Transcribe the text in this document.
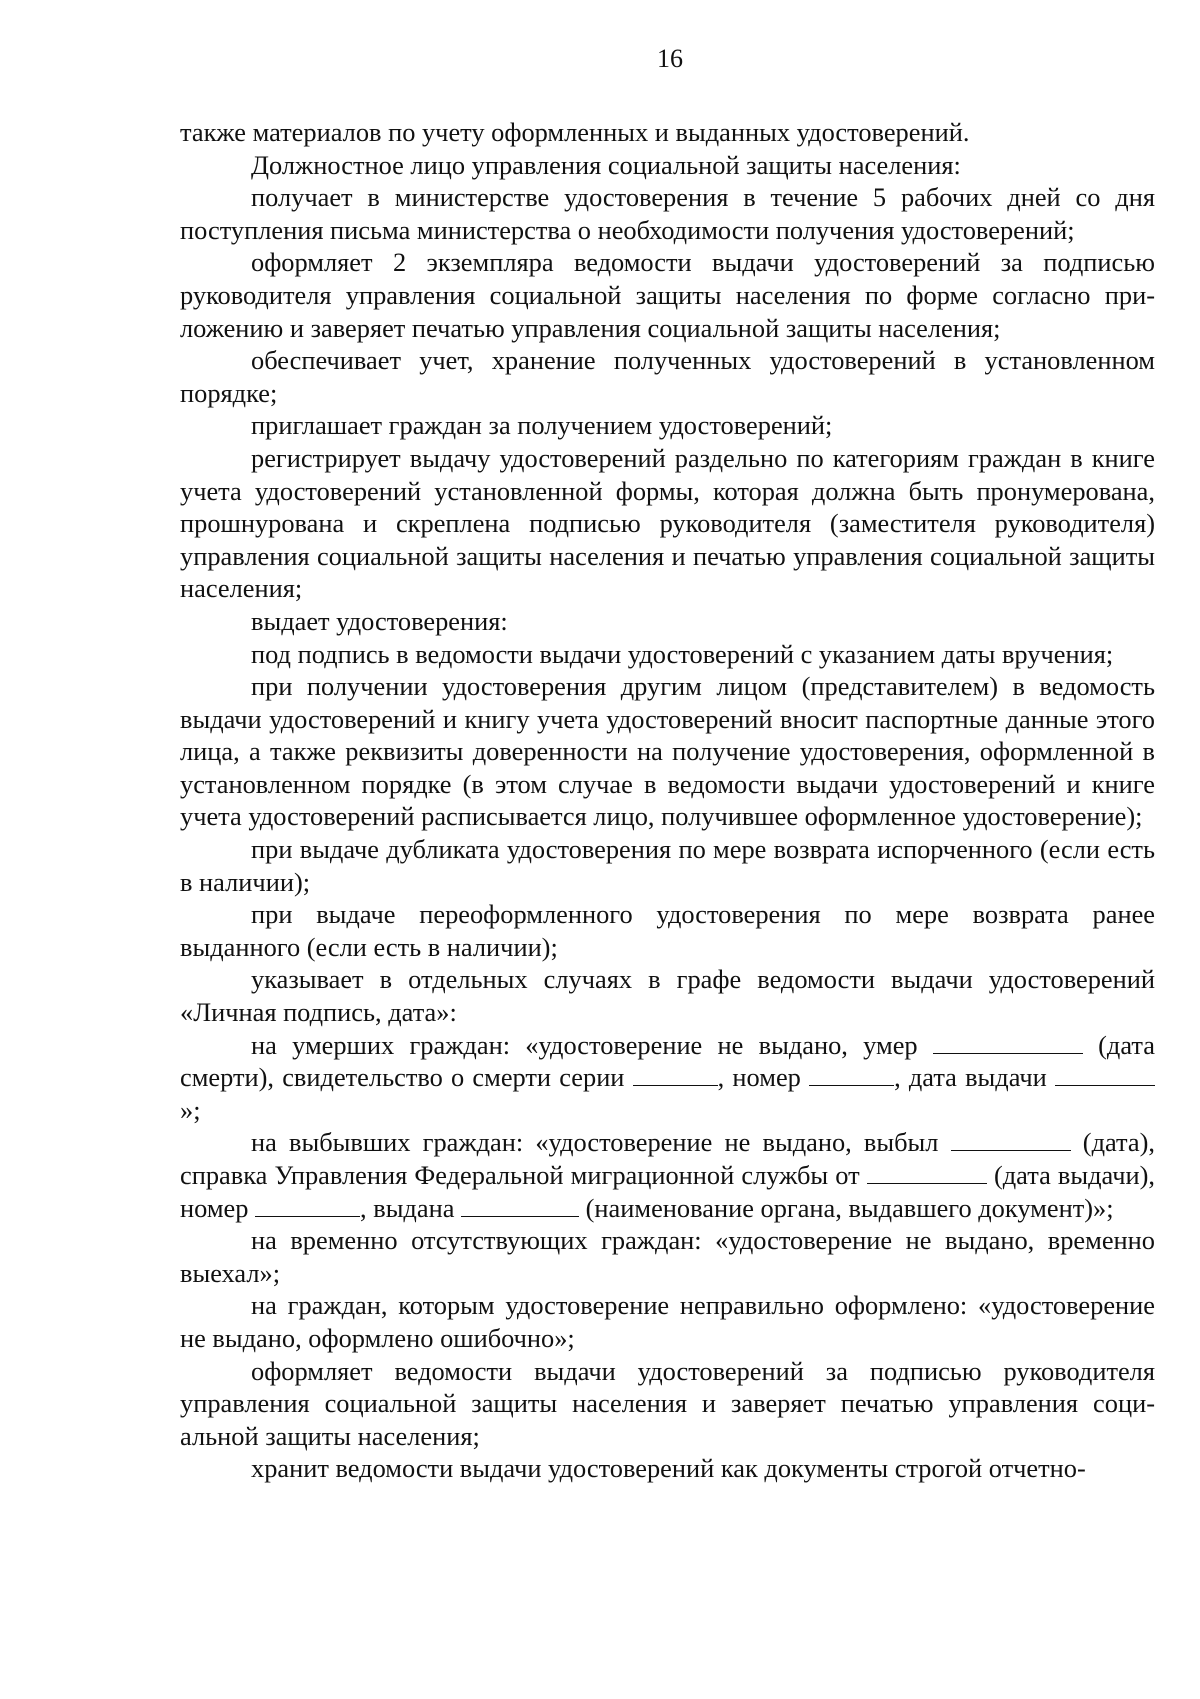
16

также материалов по учету оформленных и выданных удостоверений.

Должностное лицо управления социальной защиты населения:

получает в министерстве удостоверения в течение 5 рабочих дней со дня поступления письма министерства о необходимости получения удостоверений;

оформляет 2 экземпляра ведомости выдачи удостоверений за подписью руководителя управления социальной защиты населения по форме согласно приложению и заверяет печатью управления социальной защиты населения;

обеспечивает учет, хранение полученных удостоверений в установленном порядке;

приглашает граждан за получением удостоверений;

регистрирует выдачу удостоверений раздельно по категориям граждан в книге учета удостоверений установленной формы, которая должна быть пронумерована, прошнурована и скреплена подписью руководителя (заместителя руководителя) управления социальной защиты населения и печатью управления социальной защиты населения;

выдает удостоверения:

под подпись в ведомости выдачи удостоверений с указанием даты вручения;

при получении удостоверения другим лицом (представителем) в ведомость выдачи удостоверений и книгу учета удостоверений вносит паспортные данные этого лица, а также реквизиты доверенности на получение удостоверения, оформленной в установленном порядке (в этом случае в ведомости выдачи удостоверений и книге учета удостоверений расписывается лицо, получившее оформленное удостоверение);

при выдаче дубликата удостоверения по мере возврата испорченного (если есть в наличии);

при выдаче переоформленного удостоверения по мере возврата ранее выданного (если есть в наличии);

указывает в отдельных случаях в графе ведомости выдачи удостоверений «Личная подпись, дата»:

на умерших граждан: «удостоверение не выдано, умер	(дата смерти), свидетельство о смерти серии	, номер	, дата выдачи »;

на выбывших граждан: «удостоверение не выдано, выбыл	(дата), справка Управления Федеральной миграционной службы от	(дата выдачи), номер	, выдана	(наименование органа, выдавшего документ)»;

на временно отсутствующих граждан: «удостоверение не выдано, временно выехал»;

на граждан, которым удостоверение неправильно оформлено: «удостоверение не выдано, оформлено ошибочно»;

оформляет ведомости выдачи удостоверений за подписью руководителя управления социальной защиты населения и заверяет печатью управления социальной защиты населения;

хранит ведомости выдачи удостоверений как документы строгой отчетно-
